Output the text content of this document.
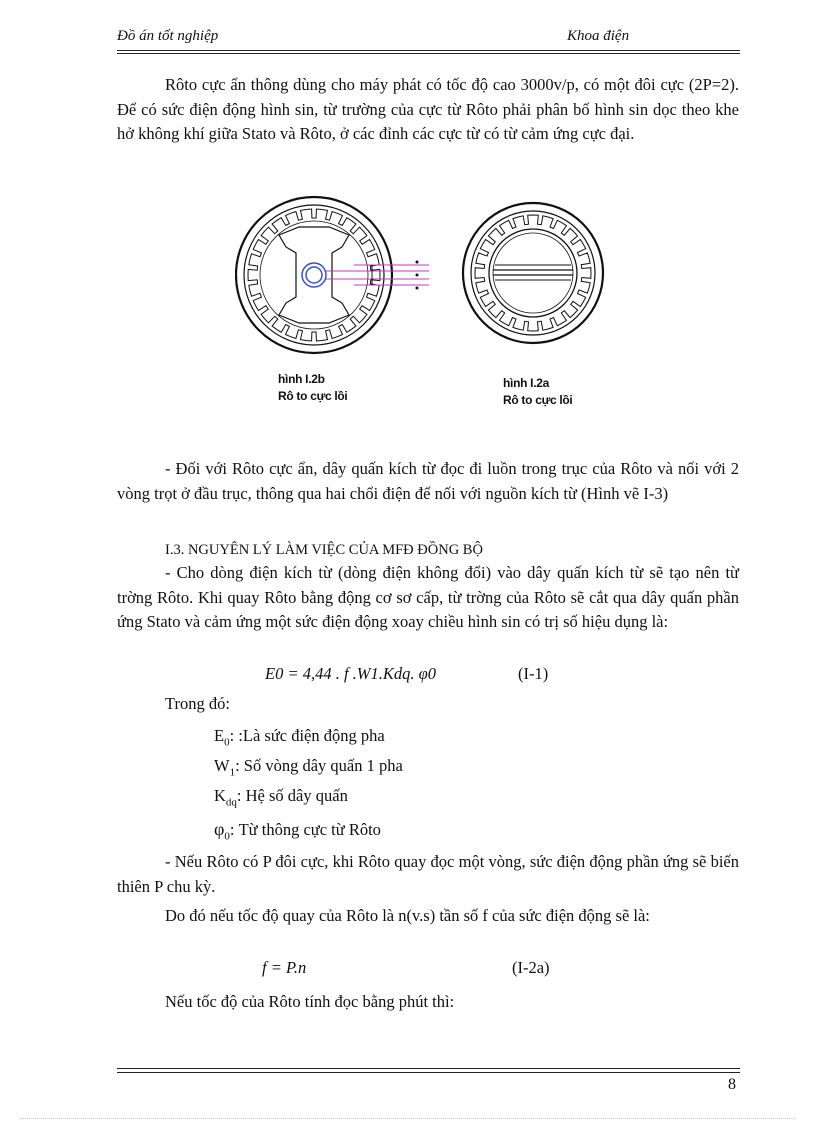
Đồ án tốt nghiệp	Khoa điện

Rôto cực ẩn thông dùng cho máy phát có tốc độ cao 3000v/p, có một đôi cực (2P=2). Để có sức điện động hình sin, từ trường của cực từ Rôto phải phân bố hình sin dọc theo khe hở không khí giữa Stato và Rôto, ở các đỉnh các cực từ có từ cảm ứng cực đại.

hình I.2b
Rô to cực lồi
hình I.2a
Rô to cực lồi

- Đối với Rôto cực ẩn, dây quấn kích từ đọc đi luồn trong trục của Rôto và nối với 2 vòng trọt ở đầu trục, thông qua hai chổi điện để nối với nguồn kích từ (Hình vẽ I-3)

I.3. NGUYÊN LÝ LÀM VIỆC CỦA MFĐ ĐỒNG BỘ

- Cho dòng điện kích từ (dòng điện không đổi) vào dây quấn kích từ sẽ tạo nên từ trờng Rôto. Khi quay Rôto bằng động cơ sơ cấp, từ trờng của Rôto sẽ cắt qua dây quấn phần ứng Stato và cảm ứng một sức điện động xoay chiều hình sin có trị số hiệu dụng là:

E0 = 4,44 . f .W1.Kdq. φ0	(I-1)
Trong đó:
$E_0$: :Là sức điện động pha
$W_1$: Số vòng dây quấn 1 pha
$K_{dq}$: Hệ số dây quấn
$\varphi_0$: Từ thông cực từ Rôto

- Nếu Rôto có P đôi cực, khi Rôto quay đọc một vòng, sức điện động phần ứng sẽ biến thiên P chu kỳ.

Do đó nếu tốc độ quay của Rôto là n(v.s) tần số f của sức điện động sẽ là:

f = P.n	(I-2a)

Nếu tốc độ của Rôto tính đọc bằng phút thì:

8
